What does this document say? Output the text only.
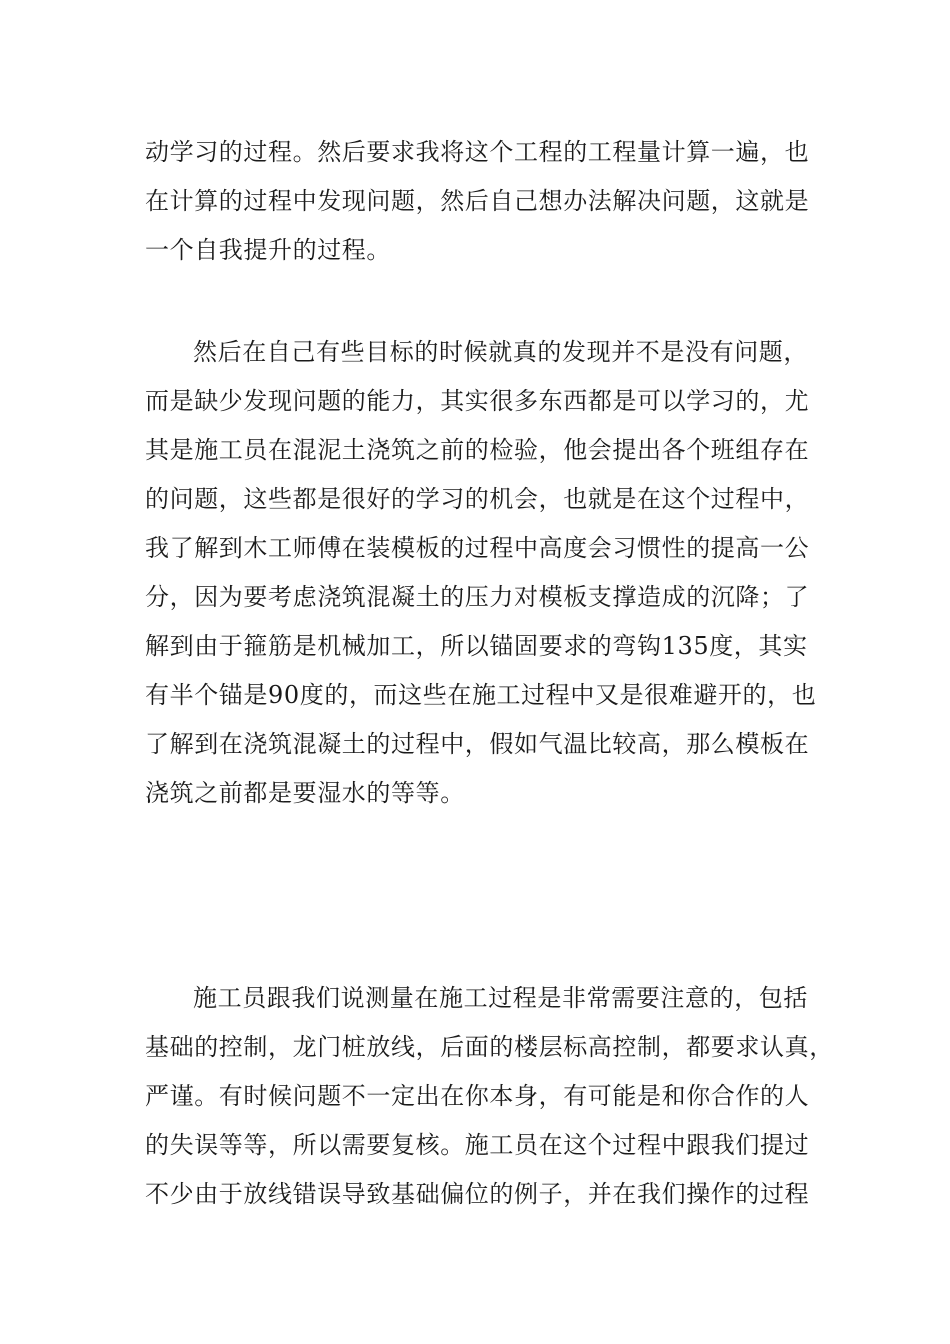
动学习的过程。然后要求我将这个工程的工程量计算一遍，也
在计算的过程中发现问题，然后自己想办法解决问题，这就是
一个自我提升的过程。
然后在自己有些目标的时候就真的发现并不是没有问题，
而是缺少发现问题的能力，其实很多东西都是可以学习的，尤
其是施工员在混泥土浇筑之前的检验，他会提出各个班组存在
的问题，这些都是很好的学习的机会，也就是在这个过程中，
我了解到木工师傅在装模板的过程中高度会习惯性的提高一公
分，因为要考虑浇筑混凝土的压力对模板支撑造成的沉降；了
解到由于箍筋是机械加工，所以锚固要求的弯钩135度，其实
有半个锚是90度的，而这些在施工过程中又是很难避开的，也
了解到在浇筑混凝土的过程中，假如气温比较高，那么模板在
浇筑之前都是要湿水的等等。
施工员跟我们说测量在施工过程是非常需要注意的，包括
基础的控制，龙门桩放线，后面的楼层标高控制，都要求认真，
严谨。有时候问题不一定出在你本身，有可能是和你合作的人
的失误等等，所以需要复核。施工员在这个过程中跟我们提过
不少由于放线错误导致基础偏位的例子，并在我们操作的过程
